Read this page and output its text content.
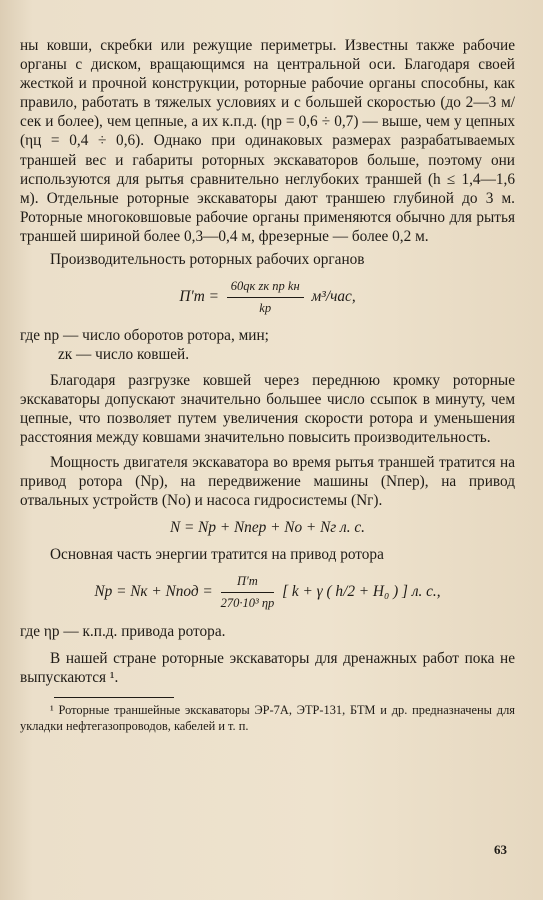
ны ковши, скребки или режущие периметры. Известны также рабочие органы с диском, вращающимся на центральной оси. Благодаря своей жесткой и прочной конструкции, роторные рабочие органы способны, как правило, работать в тяжелых условиях и с большей скоростью (до 2—3 м/сек и более), чем цепные, а их к.п.д. (ηр = 0,6 ÷ 0,7) — выше, чем у цепных (ηц = 0,4 ÷ 0,6). Однако при одинаковых размерах разрабатываемых траншей вес и габариты роторных экскаваторов больше, поэтому они используются для рытья сравнительно неглубоких траншей (h ≤ 1,4—1,6 м). Отдельные роторные экскаваторы дают траншею глубиной до 3 м. Роторные многоковшовые рабочие органы применяются обычно для рытья траншей шириной более 0,3—0,4 м, фрезерные — более 0,2 м.

Производительность роторных рабочих органов

$П'т = \frac{\text{60qк zк nр kн}}{kр} м^3/час$,
где nр — число оборотов ротора, мин;
zк — число ковшей.

Благодаря разгрузке ковшей через переднюю кромку роторные экскаваторы допускают значительно большее число ссыпок в минуту, чем цепные, что позволяет путем увеличения скорости ротора и уменьшения расстояния между ковшами значительно повысить производительность.

Мощность двигателя экскаватора во время рытья траншей тратится на привод ротора (Nр), на передвижение машины (Nпер), на привод отвальных устройств (Nо) и насоса гидросистемы (Nг).

N = Nр + Nпер + Nо + Nг л. с.

Основная часть энергии тратится на привод ротора

Nр = Nк + Nпод = $\frac{П'т}{\text{270·10³ ηр}}$ [ k + γ ( h/2 + H₀ ) ] л. с.,

где ηр — к.п.д. привода ротора.

В нашей стране роторные экскаваторы для дренажных работ пока не выпускаются ¹.

¹ Роторные траншейные экскаваторы ЭР-7А, ЭТР-131, БТМ и др. предназначены для укладки нефтегазопроводов, кабелей и т. п.

63
